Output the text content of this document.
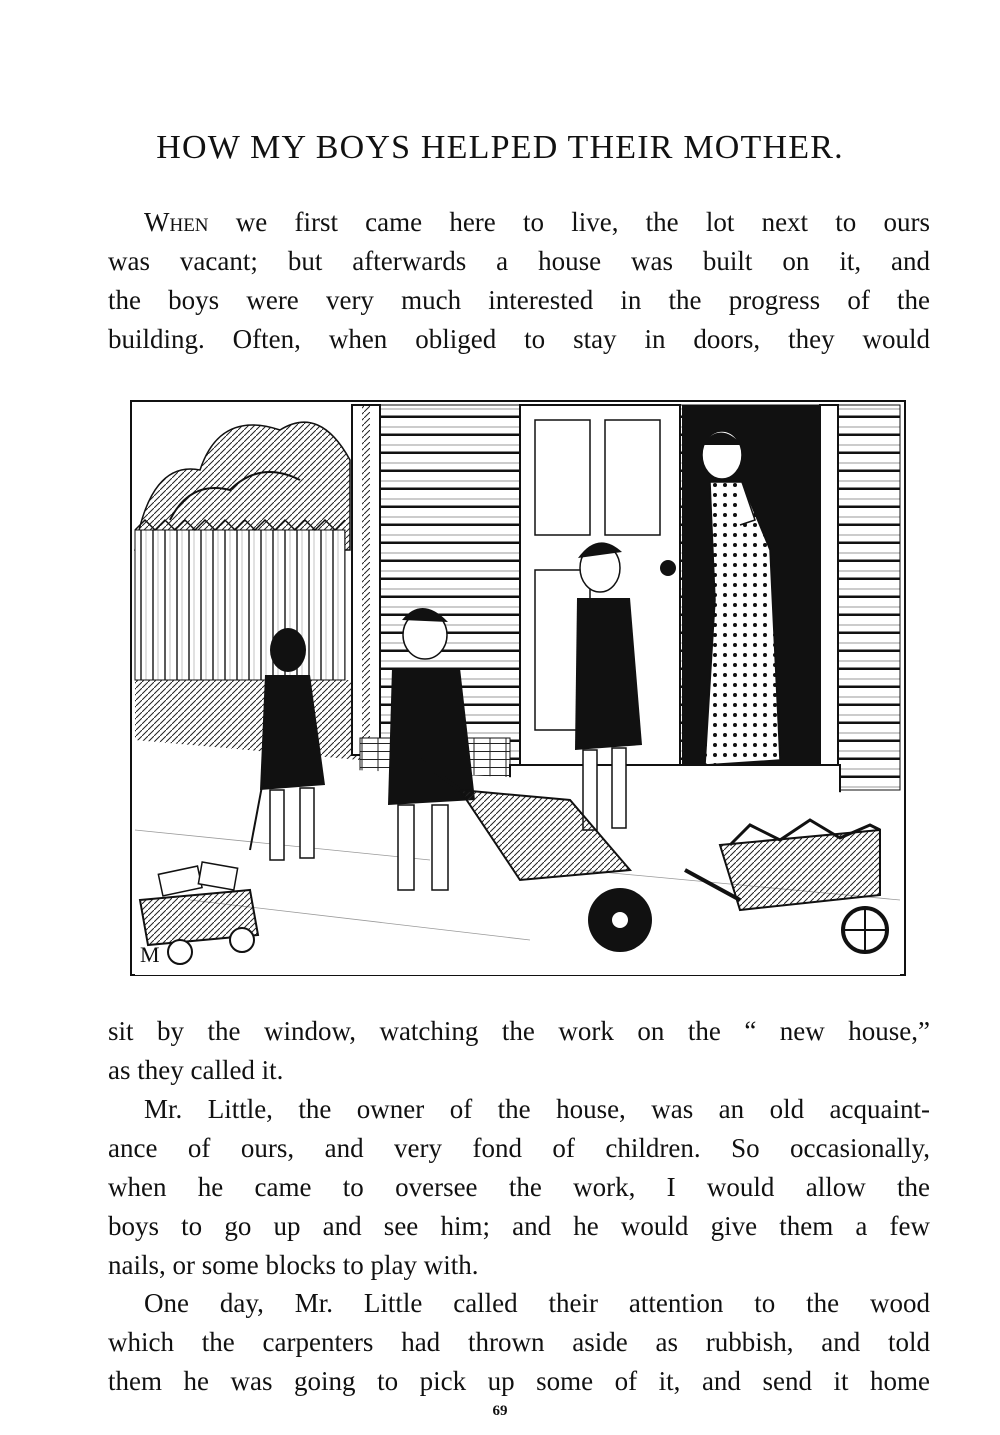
HOW MY BOYS HELPED THEIR MOTHER.
When we first came here to live, the lot next to ours
was vacant; but afterwards a house was built on it, and
the boys were very much interested in the progress of the
building. Often, when obliged to stay in doors, they would
M
sit by the window, watching the work on the “ new house,”
as they called it.
Mr. Little, the owner of the house, was an old acquaint-
ance of ours, and very fond of children. So occasionally,
when he came to oversee the work, I would allow the
boys to go up and see him; and he would give them a few
nails, or some blocks to play with.
One day, Mr. Little called their attention to the wood
which the carpenters had thrown aside as rubbish, and told
them he was going to pick up some of it, and send it home

69
